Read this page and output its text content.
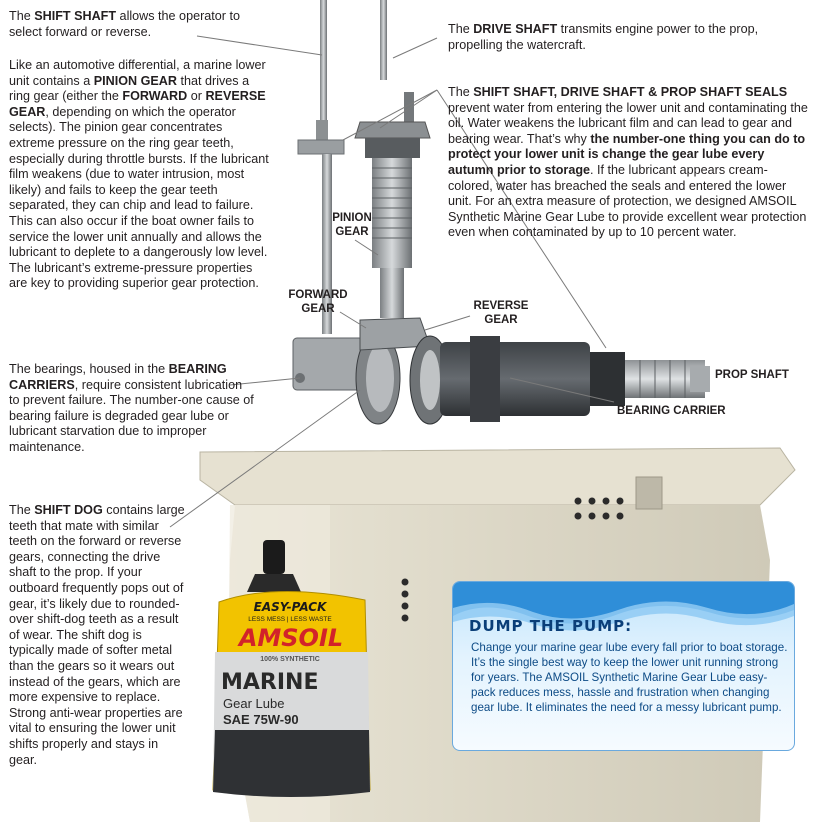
The SHIFT SHAFT allows the operator to select forward or reverse.
Like an automotive differential, a marine lower unit contains a PINION GEAR that drives a ring gear (either the FORWARD or REVERSE GEAR, depending on which the operator selects). The pinion gear concentrates extreme pressure on the ring gear teeth, especially during throttle bursts. If the lubricant film weakens (due to water intrusion, most likely) and fails to keep the gear teeth separated, they can chip and lead to failure. This can also occur if the boat owner fails to service the lower unit annually and allows the lubricant to deplete to a dangerously low level. The lubricant’s extreme-pressure properties are key to providing superior gear protection.
The bearings, housed in the BEARING CARRIERS, require consistent lubrication to prevent failure. The number-one cause of bearing failure is degraded gear lube or lubricant starvation due to improper maintenance.
The SHIFT DOG contains large teeth that mate with similar teeth on the forward or reverse gears, connecting the drive shaft to the prop. If your outboard frequently pops out of gear, it’s likely due to rounded-over shift-dog teeth as a result of wear. The shift dog is typically made of softer metal than the gears so it wears out instead of the gears, which are more expensive to replace. Strong anti-wear properties are vital to ensuring the lower unit shifts properly and stays in gear.
The DRIVE SHAFT transmits engine power to the prop, propelling the watercraft.
The SHIFT SHAFT, DRIVE SHAFT & PROP SHAFT SEALS prevent water from entering the lower unit and contaminating the oil. Water weakens the lubricant film and can lead to gear and bearing wear. That’s why the number-one thing you can do to protect your lower unit is change the gear lube every autumn prior to storage. If the lubricant appears cream-colored, water has breached the seals and entered the lower unit. For an extra measure of protection, we designed AMSOIL Synthetic Marine Gear Lube to provide excellent wear protection even when contaminated by up to 10 percent water.
PINION
GEAR
FORWARD
GEAR	REVERSE
GEAR
PROP SHAFT
BEARING CARRIER
EASY-PACK
LESS MESS | LESS WASTE
AMSOIL
100% SYNTHETIC
MARINE
Gear Lube
SAE 75W-90
DUMP THE PUMP:

Change your marine gear lube every fall prior to boat storage. It’s the single best way to keep the lower unit running strong for years. The AMSOIL Synthetic Marine Gear Lube easy-pack reduces mess, hassle and frustration when changing gear lube. It eliminates the need for a messy lubricant pump.
